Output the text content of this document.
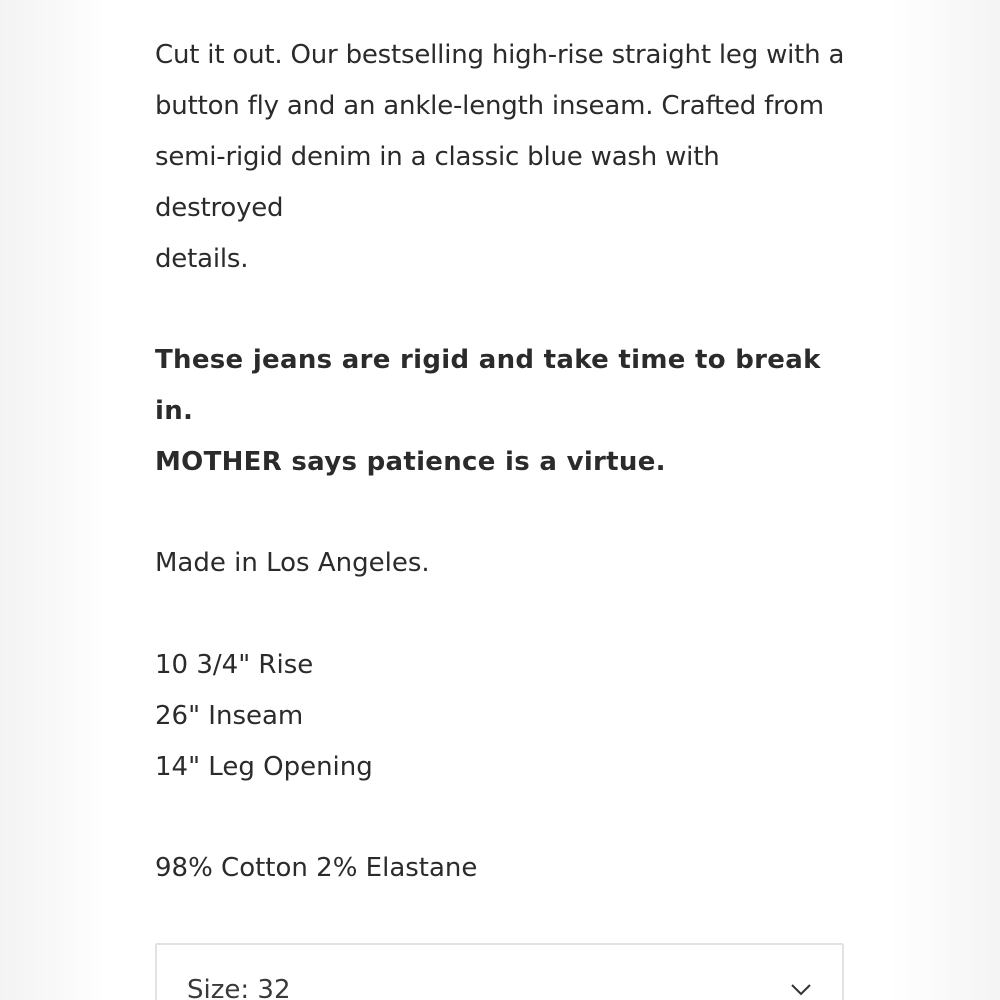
Cut it out. Our bestselling high-rise straight leg with a
button fly and an ankle-length inseam. Crafted from
semi-rigid denim in a classic blue wash with destroyed
details.

These jeans are rigid and take time to break in.
MOTHER says patience is a virtue.

Made in Los Angeles.
10 3/4" Rise
26" Inseam
14" Leg Opening
98% Cotton 2% Elastane
Size: 32
